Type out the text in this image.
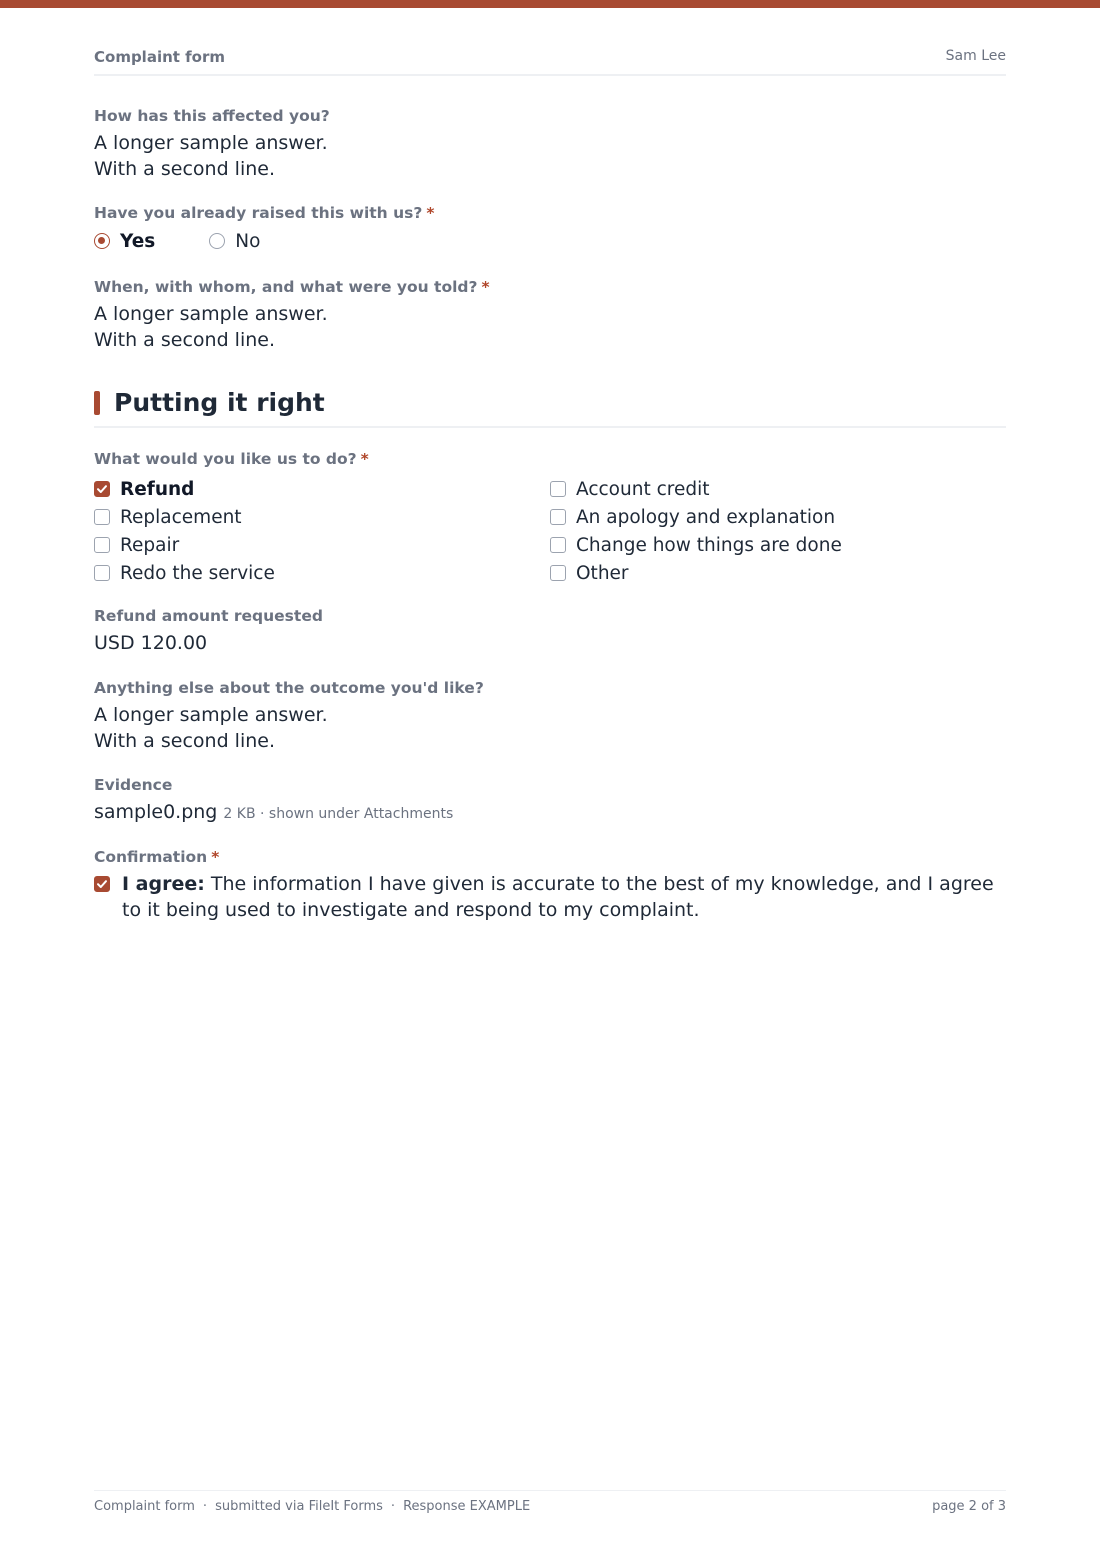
Complaint form	Sam Lee
How has this affected you?
A longer sample answer.
With a second line.
Have you already raised this with us? *
Yes	No
When, with whom, and what were you told? *
A longer sample answer.
With a second line.
Putting it right
What would you like us to do? *
Refund
Replacement
Repair
Redo the service
Account credit
An apology and explanation
Change how things are done
Other
Refund amount requested
USD 120.00
Anything else about the outcome you'd like?
A longer sample answer.
With a second line.
Evidence
sample0.png 2 KB · shown under Attachments
Confirmation *
I agree: The information I have given is accurate to the best of my knowledge, and I agree to it being used to investigate and respond to my complaint.
Complaint form · submitted via FileIt Forms · Response EXAMPLE	page 2 of 3
